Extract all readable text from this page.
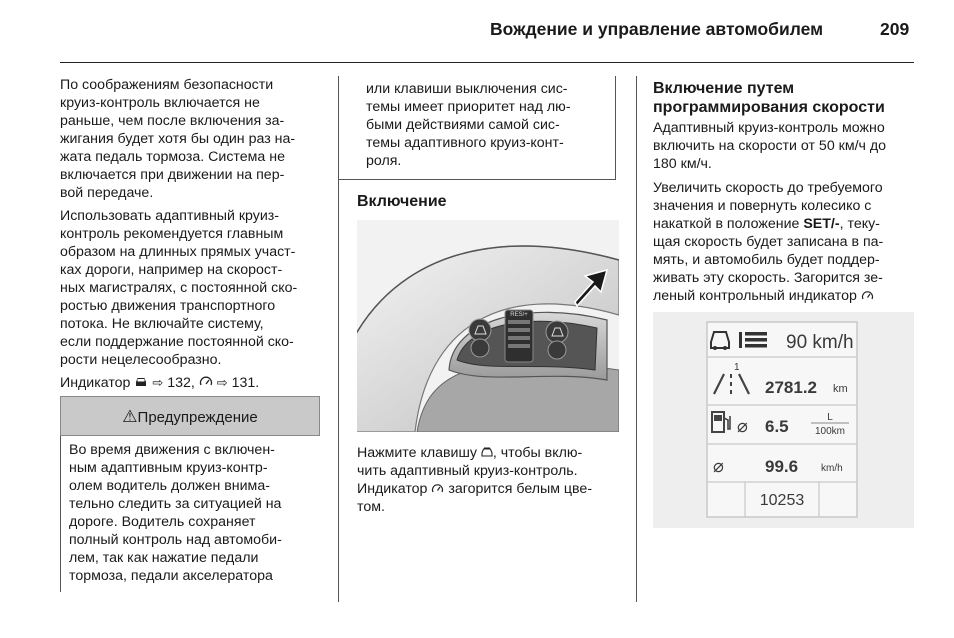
Вождение и управление автомобилем	209

По соображениям безопасности
круиз-контроль включается не
раньше, чем после включения за-
жигания будет хотя бы один раз на-
жата педаль тормоза. Система не
включается при движении на пер-
вой передаче.

Использовать адаптивный круиз-
контроль рекомендуется главным
образом на длинных прямых участ-
ках дороги, например на скорост-
ных магистралях, с постоянной ско-
ростью движения транспортного
потока. Не включайте систему,
если поддержание постоянной ско-
рости нецелесообразно.

Индикатор ⇨ 132, ⇨ 131.

⚠Предупреждение
Во время движения с включен-
ным адаптивным круиз-контр-
олем водитель должен внима-
тельно следить за ситуацией на
дороге. Водитель сохраняет
полный контроль над автомоби-
лем, так как нажатие педали
тормоза, педали акселератора
или клавиши выключения сис-
темы имеет приоритет над лю-
быми действиями самой сис-
темы адаптивного круиз-конт-
роля.
Включение
RES/+
Нажмите клавишу , чтобы вклю-
чить адаптивный круиз-контроль.
Индикатор  загорится белым цве-
том.
Включение путем
программирования скорости

Адаптивный круиз-контроль можно
включить на скорости от 50 км/ч до
180 км/ч.

Увеличить скорость до требуемого
значения и повернуть колесико с
накаткой в положение SET/-, теку-
щая скорость будет записана в па-
мять, и автомобиль будет поддер-
живать эту скорость. Загорится зе-
леный контрольный индикатор

90 km/h
1
2781.2 km
⌀ 6.5	L
100km
⌀ 99.6 km/h
10253
